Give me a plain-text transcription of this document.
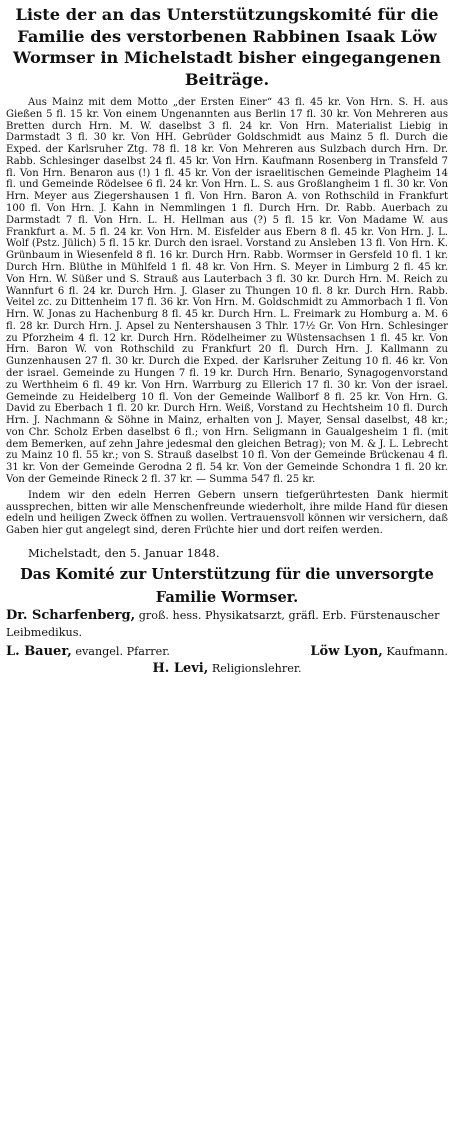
Liste der an das Unterstützungskomité für die

Familie des verstorbenen Rabbinen Isaak Löw

Wormser in Michelstadt bisher eingegangenen

Beiträge.

Aus Mainz mit dem Motto „der Ersten Einer“ 43 fl. 45 kr. Von Hrn. S. H. aus Gießen 5 fl. 15 kr. Von einem Ungenannten aus Berlin 17 fl. 30 kr. Von Mehreren aus Bretten durch Hrn. M. W. daselbst 3 fl. 24 kr. Von Hrn. Materialist Liebig in Darmstadt 3 fl. 30 kr. Von HH. Gebrüder Goldschmidt aus Mainz 5 fl. Durch die Exped. der Karlsruher Ztg. 78 fl. 18 kr. Von Mehreren aus Sulzbach durch Hrn. Dr. Rabb. Schlesinger daselbst 24 fl. 45 kr. Von Hrn. Kaufmann Rosenberg in Transfeld 7 fl. Von Hrn. Benaron aus (!) 1 fl. 45 kr. Von der israelitischen Gemeinde Plagheim 14 fl. und Gemeinde Rödelsee 6 fl. 24 kr. Von Hrn. L. S. aus Großlangheim 1 fl. 30 kr. Von Hrn. Meyer aus Ziegershausen 1 fl. Von Hrn. Baron A. von Rothschild in Frankfurt 100 fl. Von Hrn. J. Kahn in Nemmlingen 1 fl. Durch Hrn. Dr. Rabb. Auerbach zu Darmstadt 7 fl. Von Hrn. L. H. Hellman aus (?) 5 fl. 15 kr. Von Madame W. aus Frankfurt a. M. 5 fl. 24 kr. Von Hrn. M. Eisfelder aus Ebern 8 fl. 45 kr. Von Hrn. J. L. Wolf (Pstz. Jülich) 5 fl. 15 kr. Durch den israel. Vorstand zu Ansleben 13 fl. Von Hrn. K. Grünbaum in Wiesenfeld 8 fl. 16 kr. Durch Hrn. Rabb. Wormser in Gersfeld 10 fl. 1 kr. Durch Hrn. Blüthe in Mühlfeld 1 fl. 48 kr. Von Hrn. S. Meyer in Limburg 2 fl. 45 kr. Von Hrn. W. Süßer und S. Strauß aus Lauterbach 3 fl. 30 kr. Durch Hrn. M. Reich zu Wannfurt 6 fl. 24 kr. Durch Hrn. J. Glaser zu Thungen 10 fl. 8 kr. Durch Hrn. Rabb. Veitel zc. zu Dittenheim 17 fl. 36 kr. Von Hrn. M. Goldschmidt zu Ammorbach 1 fl. Von Hrn. W. Jonas zu Hachenburg 8 fl. 45 kr. Durch Hrn. L. Freimark zu Homburg a. M. 6 fl. 28 kr. Durch Hrn. J. Apsel zu Nentershausen 3 Thlr. 17½ Gr. Von Hrn. Schlesinger zu Pforzheim 4 fl. 12 kr. Durch Hrn. Rödelheimer zu Wüstensachsen 1 fl. 45 kr. Von Hrn. Baron W. von Rothschild zu Frankfurt 20 fl. Durch Hrn. J. Kallmann zu Gunzenhausen 27 fl. 30 kr. Durch die Exped. der Karlsruher Zeitung 10 fl. 46 kr. Von der israel. Gemeinde zu Hungen 7 fl. 19 kr. Durch Hrn. Benario, Synagogenvorstand zu Werthheim 6 fl. 49 kr. Von Hrn. Warrburg zu Ellerich 17 fl. 30 kr. Von der israel. Gemeinde zu Heidelberg 10 fl. Von der Gemeinde Wallborf 8 fl. 25 kr. Von Hrn. G. David zu Eberbach 1 fl. 20 kr. Durch Hrn. Weiß, Vorstand zu Hechtsheim 10 fl. Durch Hrn. J. Nachmann & Söhne in Mainz, erhalten von J. Mayer, Sensal daselbst, 48 kr.; von Chr. Scholz Erben daselbst 6 fl.; von Hrn. Seligmann in Gaualgesheim 1 fl. (mit dem Bemerken, auf zehn Jahre jedesmal den gleichen Betrag); von M. & J. L. Lebrecht zu Mainz 10 fl. 55 kr.; von S. Strauß daselbst 10 fl. Von der Gemeinde Brückenau 4 fl. 31 kr. Von der Gemeinde Gerodna 2 fl. 54 kr. Von der Gemeinde Schondra 1 fl. 20 kr. Von der Gemeinde Rineck 2 fl. 37 kr. — Summa 547 fl. 25 kr.

Indem wir den edeln Herren Gebern unsern tiefgerührtesten Dank hiermit aussprechen, bitten wir alle Menschenfreunde wiederholt, ihre milde Hand für diesen edeln und heiligen Zweck öffnen zu wollen. Vertrauensvoll können wir versichern, daß Gaben hier gut angelegt sind, deren Früchte hier und dort reifen werden.

Michelstadt, den 5. Januar 1848.

Das Komité zur Unterstützung für die unversorgte

Familie Wormser.

Dr. Scharfenberg, groß. hess. Physikatsarzt, gräfl. Erb. Fürstenauscher Leibmedikus.

L. Bauer, evangel. Pfarrer.	Löw Lyon, Kaufmann.

H. Levi, Religionslehrer.
